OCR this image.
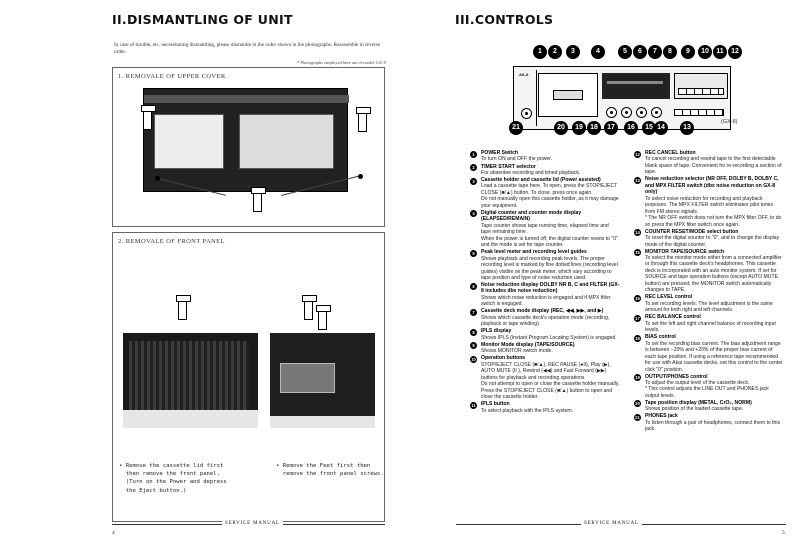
II.DISMANTLING OF UNIT
In case of trouble, etc. necessitating dismantling, please dismantle in the order shown in the photographs. Reassemble in reverse order.
* Photographs employed here are of model GX-8
1. REMOVALE OF UPPER COVER
2. REMOVALE OF FRONT PANEL
• Remove the cassette lid first
then remove the front panel.
(Turn on the Power and depress
the Eject button.)
• Remove the Feet first then
remove the front panel screws.
SERVICE MANUAL
4
III.CONTROLS
1	2	3	4	5	6	7	8	9	10	11	12
AK-8
21	20	19	18	17	16	15 14	13
(GX-8)
1	POWER Switch
To turn ON and OFF the power.
2	TIMER START selector
For absentee recording and timed playback.
3	Cassette holder and cassette lid (Power assisted)
Load a cassette tape here. To open, press the STOP/EJECT CLOSE (■/▲) button. To close, press once again.
Do not manually open this cassette holder, as it may damage your equipment.
4	Digital counter and counter mode display (ELAPSED/REMAIN)
Tape counter shows tape running time, elapsed time and tape remaining time.
When the power is turned off, the digital counter resets to "0" and the mode is set for tape counter.
5	Peak level meter and recording level guides
Shows playback and recording peak levels. The proper recording level is marked by fine dotted lines (recording level guides) visible on the peak meter, which vary according to tape position and type of noise reduction used.
6	Noise reduction display DOLBY NR B, C and FILTER (GX-8 includes dbx noise reduction)
Shows which noise reduction is engaged and if MPX filter switch is engaged.
7	Cassette deck mode display (REC, ◀◀, ▶▶, and ▶)
Shows which cassette deck's operation mode (recording, playback or tape winding).
8	IPLS display
Shows IPLS (Instant Program Locating System) is engaged.
9	Monitor Mode display (TAPE/SOURCE)
Shows MONITOR switch mode.
10 Operation buttons
STOP/EJECT CLOSE (■/▲), REC PAUSE (●II), Play (▶), AUTO MUTE (II ), Rewind (◀◀) and Fast Forward (▶▶) buttons for playback and recording operations.
Do not attempt to open or close the cassette holder manually.
Press the STOP/EJECT CLOSE (■/▲) button to open and close the cassette holder.
11 IPLS button
To select playback with the IPLS system.
12 REC CANCEL button
To cancel recording and rewind tape to the first detectable blank space of tape. Convenient for re-recording a section of tape.
13 Noise reduction selector (NR OFF, DOLBY B, DOLBY C, and MPX FILTER switch (dbx noise reduction on GX-8 only)
To select noise reduction for recording and playback purposes. The MPX FILTER switch eliminates pilot tones from FM stereo signals.
* The NR OFF switch does not turn the MPX filter OFF, to do so press the MPX filter switch once again.
14 COUNTER RESET/MODE select button
To reset the digital counter to "0", and to change the display mode of the digital counter.
15 MONITOR TAPE/SOURCE switch
To select the monitor mode either from a connected amplifier or through this cassette deck's headphones. This cassette deck is incorporated with an auto monitor system. If set for SOURCE and tape operation buttons (except AUTO MUTE button) are pressed, the MONITOR switch automatically changes to TAPE.
16 REC LEVEL control
To set recording levels. The level adjustment is the same amount for both right and left channels.
17 REC BALANCE control
To set the left and right channel balance of recording input levels.
18 BIAS control
To set the recording bias current. The bias adjustment range is between −20% and +20% of the proper bias current of each tape position. If using a reference tape recommended for use with Akai cassette decks, set this control to the center click "0" position.
19 OUTPUT/PHONES control
To adjust the output level of the cassette deck.
* This control adjusts the LINE OUT and PHONES jack output levels.
20 Tape position display (METAL, CrO₂, NORM)
Shows position of the loaded cassette tape.
21 PHONES jack
To listen through a pair of headphones, connect them to this jack.
SERVICE MANUAL
5
